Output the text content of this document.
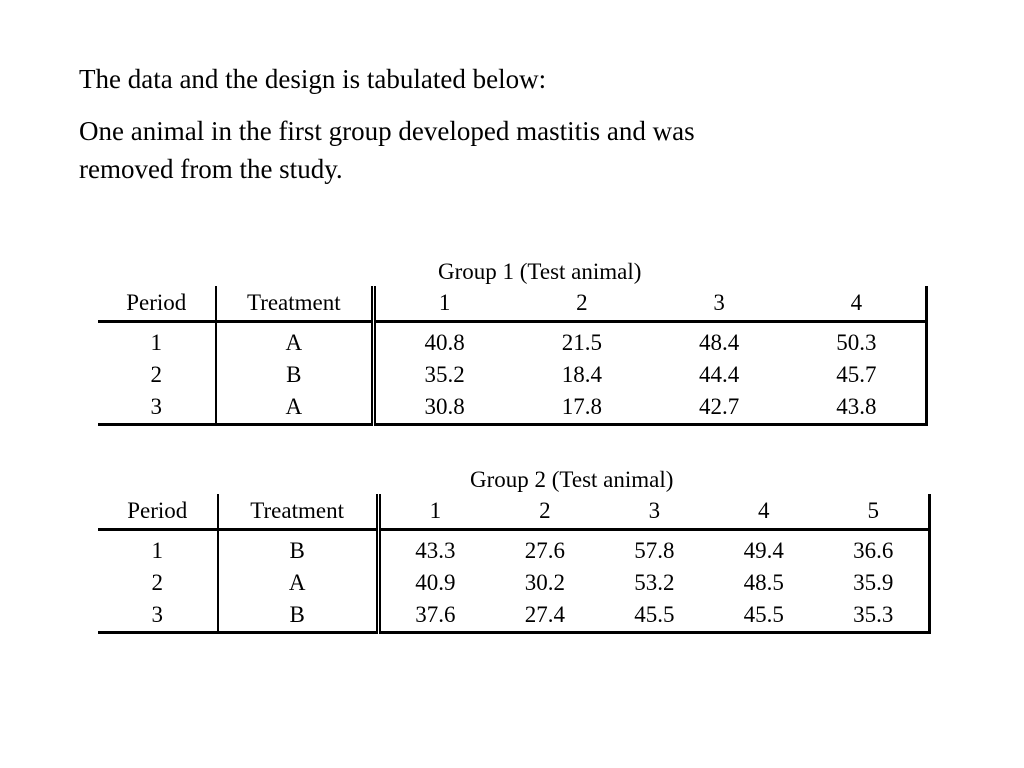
The data and the design is tabulated below:

One animal in the first group developed mastitis and was
removed from the study.

Group 1 (Test animal)
Period	Treatment	1	2	3	4
1	A	40.8	21.5	48.4	50.3
2	B	35.2	18.4	44.4	45.7
3	A	30.8	17.8	42.7	43.8
Group 2 (Test animal)
Period	Treatment	1	2	3	4	5
1	B	43.3	27.6	57.8	49.4	36.6
2	A	40.9	30.2	53.2	48.5	35.9
3	B	37.6	27.4	45.5	45.5	35.3
